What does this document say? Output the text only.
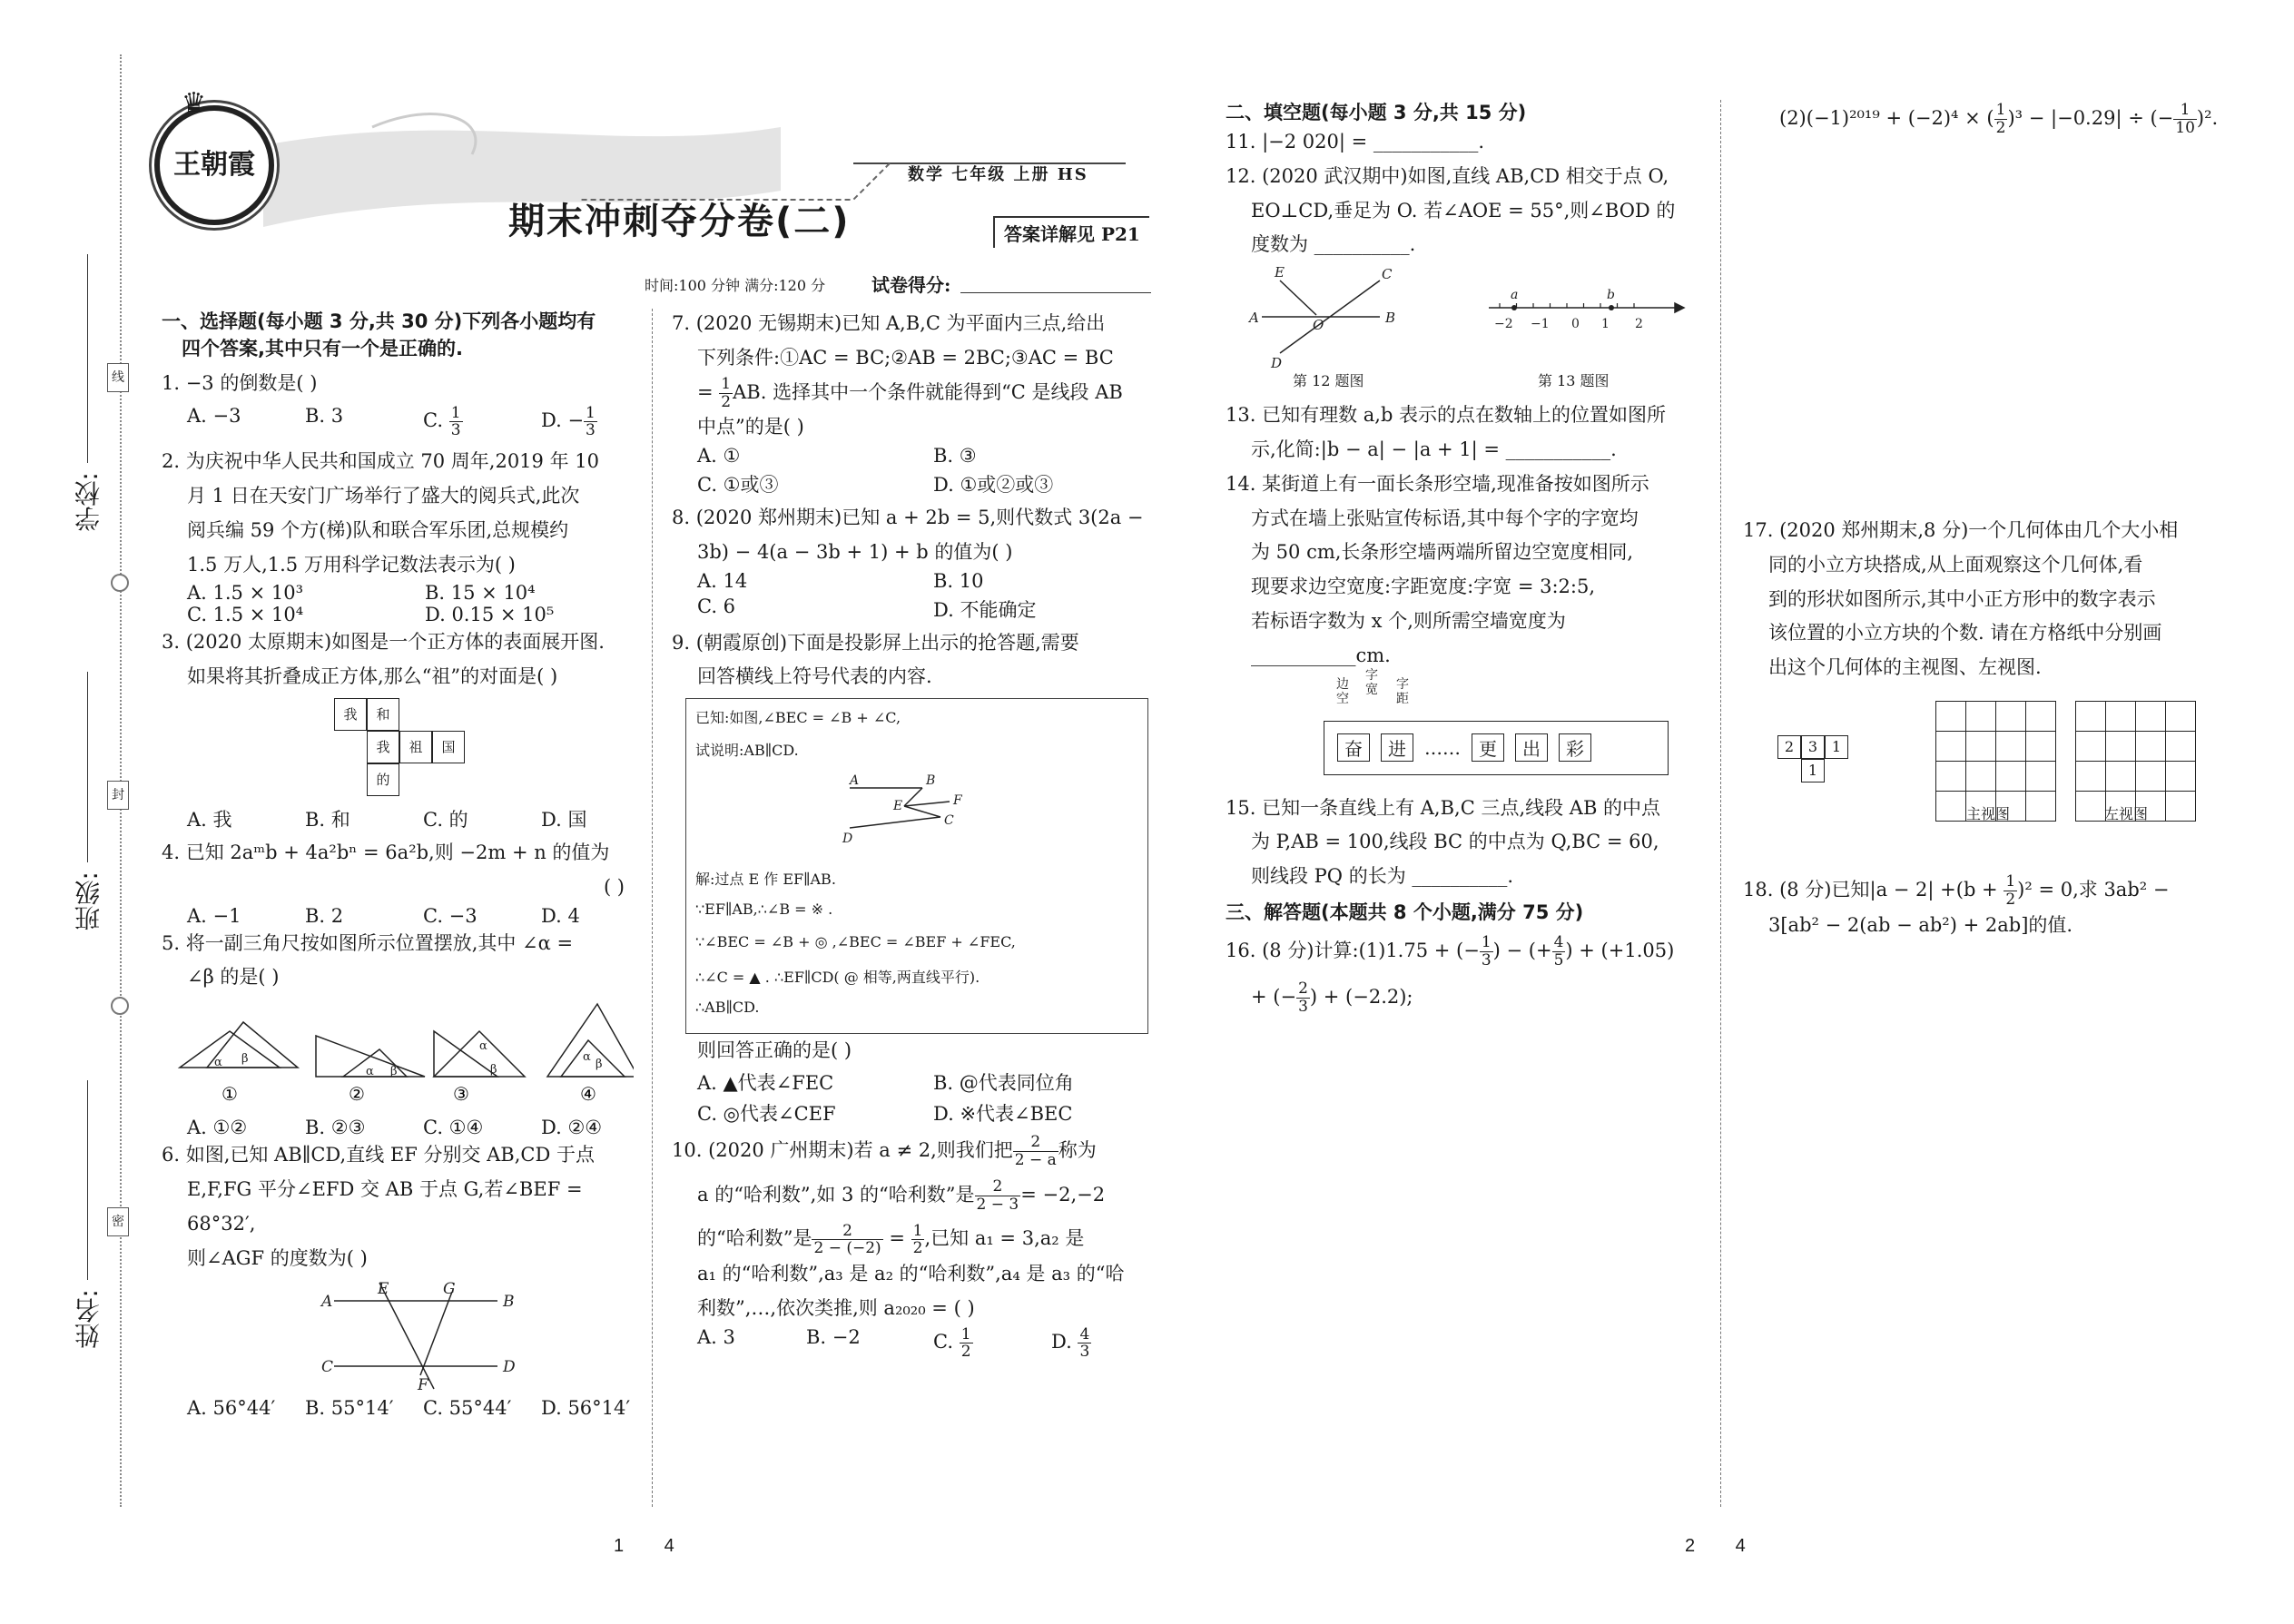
学校:
班级:
姓名:
线
封
密
王朝霞
♛
数学 七年级 上册 HS
期末冲刺夺分卷(二)	答案详解见 P21
时间:100 分钟 满分:120 分	试卷得分:
一、选择题(每小题 3 分,共 30 分)下列各小题均有
四个答案,其中只有一个是正确的.
1. −3 的倒数是( )
A. −3	B. 3	C. $\frac{1}{3}$	D. − $\frac{1}{3}$
2. 为庆祝中华人民共和国成立 70 周年,2019 年 10
月 1 日在天安门广场举行了盛大的阅兵式,此次
阅兵编 59 个方(梯)队和联合军乐团,总规模约
1.5 万人,1.5 万用科学记数法表示为( )
A. 1.5 × 10³	B. 15 × 10⁴
C. 1.5 × 10⁴	D. 0.15 × 10⁵
3. (2020 太原期末)如图是一个正方体的表面展开图.
如果将其折叠成正方体,那么“祖”的对面是( )
我	和
我	祖	国
的
A. 我	B. 和	C. 的	D. 国
4. 已知 2aᵐb + 4a²bⁿ = 6a²b,则 −2m + n 的值为
( )
A. −1	B. 2	C. −3	D. 4
5. 将一副三角尺按如图所示位置摆放,其中 ∠α =
∠β 的是( )
α β
α β
α
β
α
β
①	②	③	④
A. ①②	B. ②③	C. ①④	D. ②④
6. 如图,已知 AB∥CD,直线 EF 分别交 AB,CD 于点
E,F,FG 平分∠EFD 交 AB 于点 G,若∠BEF = 68°32′,
则∠AGF 的度数为( )
A	B
C	D
E	G
F
A. 56°44′	B. 55°14′	C. 55°44′	D. 56°14′
7. (2020 无锡期末)已知 A,B,C 为平面内三点,给出
下列条件:①AC = BC;②AB = 2BC;③AC = BC
= $\frac{1}{2}$ AB. 选择其中一个条件就能得到“C 是线段 AB
中点”的是( )
A. ①	B. ③
C. ①或③	D. ①或②或③
8. (2020 郑州期末)已知 a + 2b = 5,则代数式 3(2a −
3b) − 4(a − 3b + 1) + b 的值为( )
A. 14	B. 10
C. 6	D. 不能确定
9. (朝霞原创)下面是投影屏上出示的抢答题,需要
回答横线上符号代表的内容.
已知:如图,∠BEC = ∠B + ∠C,
试说明:AB∥CD.
A	B
E	F
C
D
解:过点 E 作 EF∥AB.
∵EF∥AB,∴∠B = ※ .
∵∠BEC = ∠B + ◎ ,∠BEC = ∠BEF + ∠FEC,
∴∠C = ▲ . ∴EF∥CD( @ 相等,两直线平行).
∴AB∥CD.
则回答正确的是( )
A. ▲代表∠FEC	B. @代表同位角
C. ◎代表∠CEF	D. ※代表∠BEC
10. (2020 广州期末)若 a ≠ 2,则我们把 $\frac{2}{2 - a}$ 称为
a 的“哈利数”,如 3 的“哈利数”是 $\frac{2}{2 - 3} = -2,-2$
的“哈利数”是 $\frac{2}{2 - (-2)} = \frac{1}{2}$ ,已知 a₁ = 3,a₂ 是
a₁ 的“哈利数”,a₃ 是 a₂ 的“哈利数”,a₄ 是 a₃ 的“哈
利数”,…,依次类推,则 a₂₀₂₀ = ( )
A. 3	B. −2	C. $\frac{1}{2}$	D. $\frac{4}{3}$
二、填空题(每小题 3 分,共 15 分)
11. |−2 020| = ___________.
12. (2020 武汉期中)如图,直线 AB,CD 相交于点 O,
EO⊥CD,垂足为 O. 若∠AOE = 55°,则∠BOD 的
度数为 __________.
A	B
E	C
D
O
a	b
−2 −1 0 1 2
第 12 题图	第 13 题图
13. 已知有理数 a,b 表示的点在数轴上的位置如图所
示,化简:|b − a| − |a + 1| = ___________.
14. 某街道上有一面长条形空墙,现准备按如图所示
方式在墙上张贴宣传标语,其中每个字的字宽均
为 50 cm,长条形空墙两端所留边空宽度相同,
现要求边空宽度:字距宽度:字宽 = 3:2:5,
若标语字数为 x 个,则所需空墙宽度为
___________cm.
边
空
字
宽 字
距
奋	进	……	更	出	彩
15. 已知一条直线上有 A,B,C 三点,线段 AB 的中点
为 P,AB = 100,线段 BC 的中点为 Q,BC = 60,
则线段 PQ 的长为 __________.
三、解答题(本题共 8 个小题,满分 75 分)
16. (8 分)计算:(1)1.75 + (− $\frac{1}{3}$ ) − (+ $\frac{4}{5}$ ) + (+1.05)
+ (− $\frac{2}{3}$ ) + (−2.2);
(2)(−1)²⁰¹⁹ + (−2)⁴ × ( $\frac{1}{2} )^3 - |-0.29|$ ÷ (− $\frac{1}{10} )^2$.
17. (2020 郑州期末,8 分)一个几何体由几个大小相
同的小立方块搭成,从上面观察这个几何体,看
到的形状如图所示,其中小正方形中的数字表示
该位置的小立方块的个数. 请在方格纸中分别画
出这个几何体的主视图、左视图.
2 3 1
1

主视图	左视图
18. (8 分)已知$|a - 2| +(b + \frac{1}{2} )^2 = 0$,求 3ab² −
3[ab² − 2(ab − ab²) + 2ab]的值.
1        4	2        4
